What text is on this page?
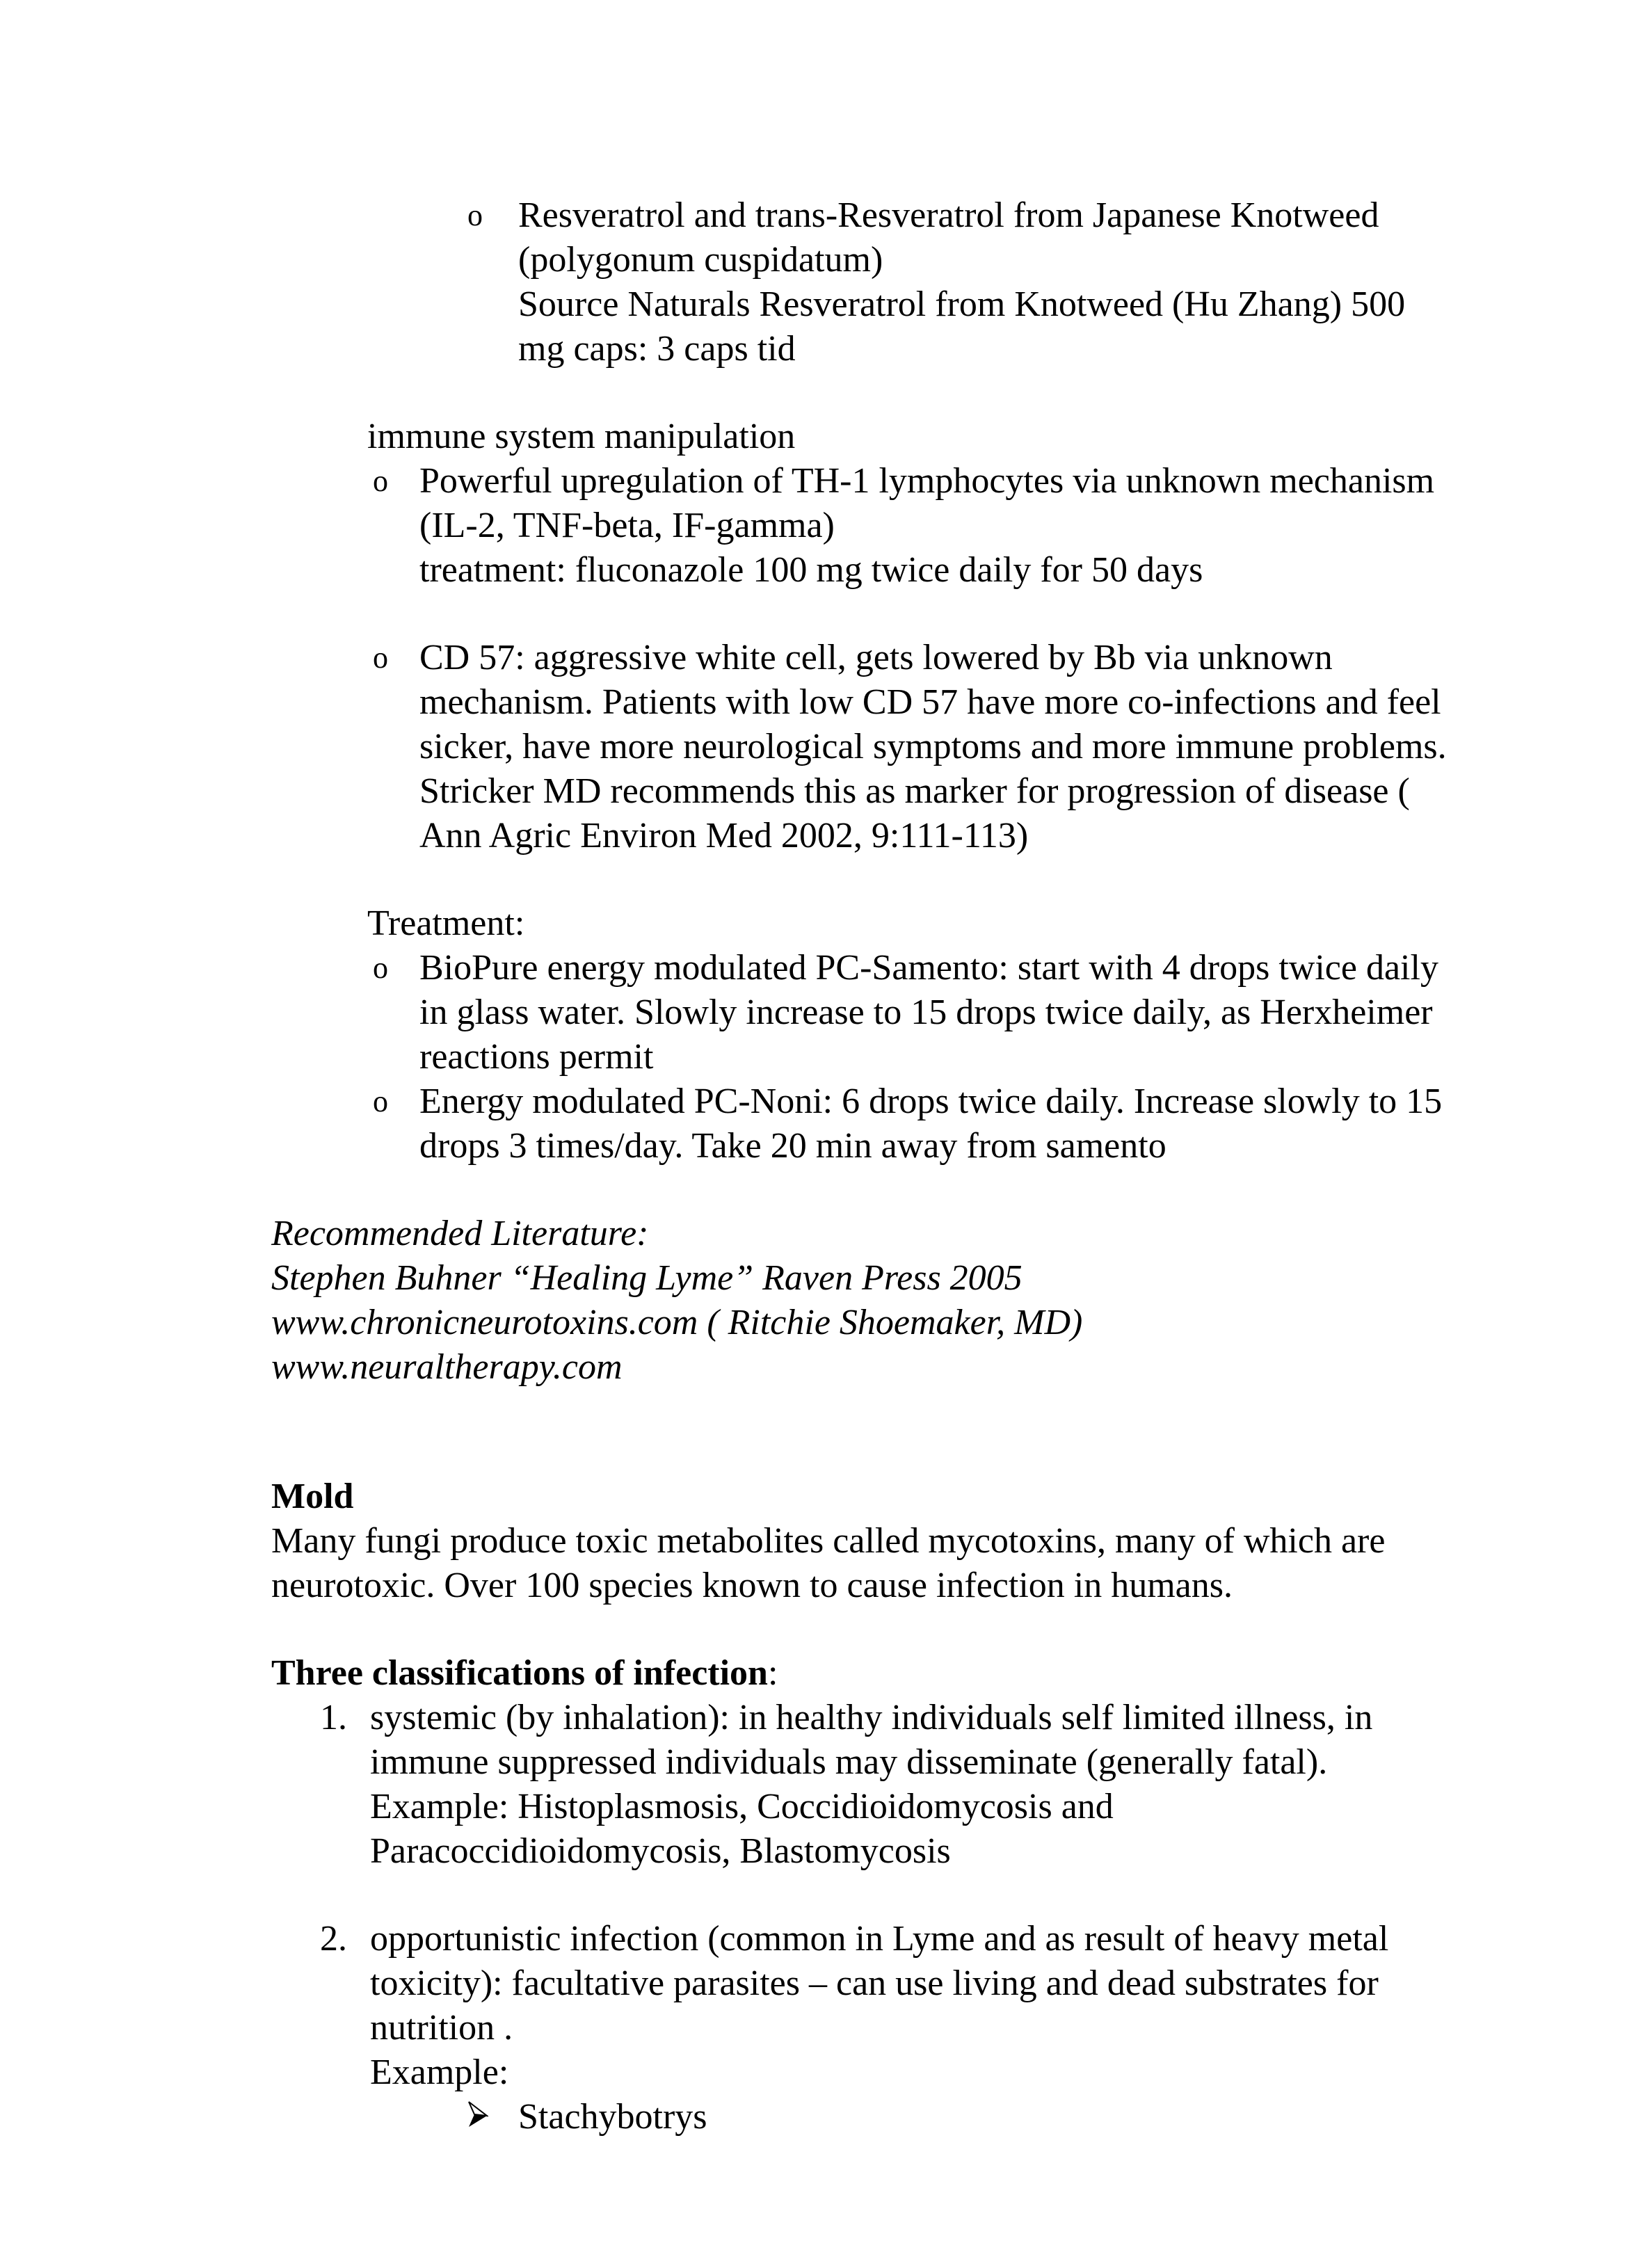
o Resveratrol and trans-Resveratrol from Japanese Knotweed
(polygonum cuspidatum)
Source Naturals Resveratrol from Knotweed (Hu Zhang) 500
mg caps: 3 caps tid
immune system manipulation
o Powerful upregulation of TH-1 lymphocytes via unknown mechanism
(IL-2, TNF-beta, IF-gamma)
treatment: fluconazole 100 mg twice daily for 50 days
o CD 57: aggressive white cell, gets lowered by Bb via unknown
mechanism. Patients with low CD 57 have more co-infections and feel
sicker, have more neurological symptoms and more immune problems.
Stricker MD recommends this as marker for progression of disease (
Ann Agric Environ Med 2002, 9:111-113)
Treatment:
o BioPure energy modulated PC-Samento: start with 4 drops twice daily
in glass water. Slowly increase to 15 drops twice daily, as Herxheimer
reactions permit
o Energy modulated PC-Noni: 6 drops twice daily. Increase slowly to 15
drops 3 times/day. Take 20 min away from samento
Recommended Literature:
Stephen Buhner “Healing Lyme” Raven Press 2005
www.chronicneurotoxins.com ( Ritchie Shoemaker, MD)
www.neuraltherapy.com
Mold
Many fungi produce toxic metabolites called mycotoxins, many of which are
neurotoxic. Over 100 species known to cause infection in humans.
Three classifications of infection:
1. systemic (by inhalation): in healthy individuals self limited illness, in
immune suppressed individuals may disseminate (generally fatal).
Example: Histoplasmosis, Coccidioidomycosis and
Paracoccidioidomycosis, Blastomycosis
2. opportunistic infection (common in Lyme and as result of heavy metal
toxicity): facultative parasites – can use living and dead substrates for
nutrition .
Example:
Stachybotrys
